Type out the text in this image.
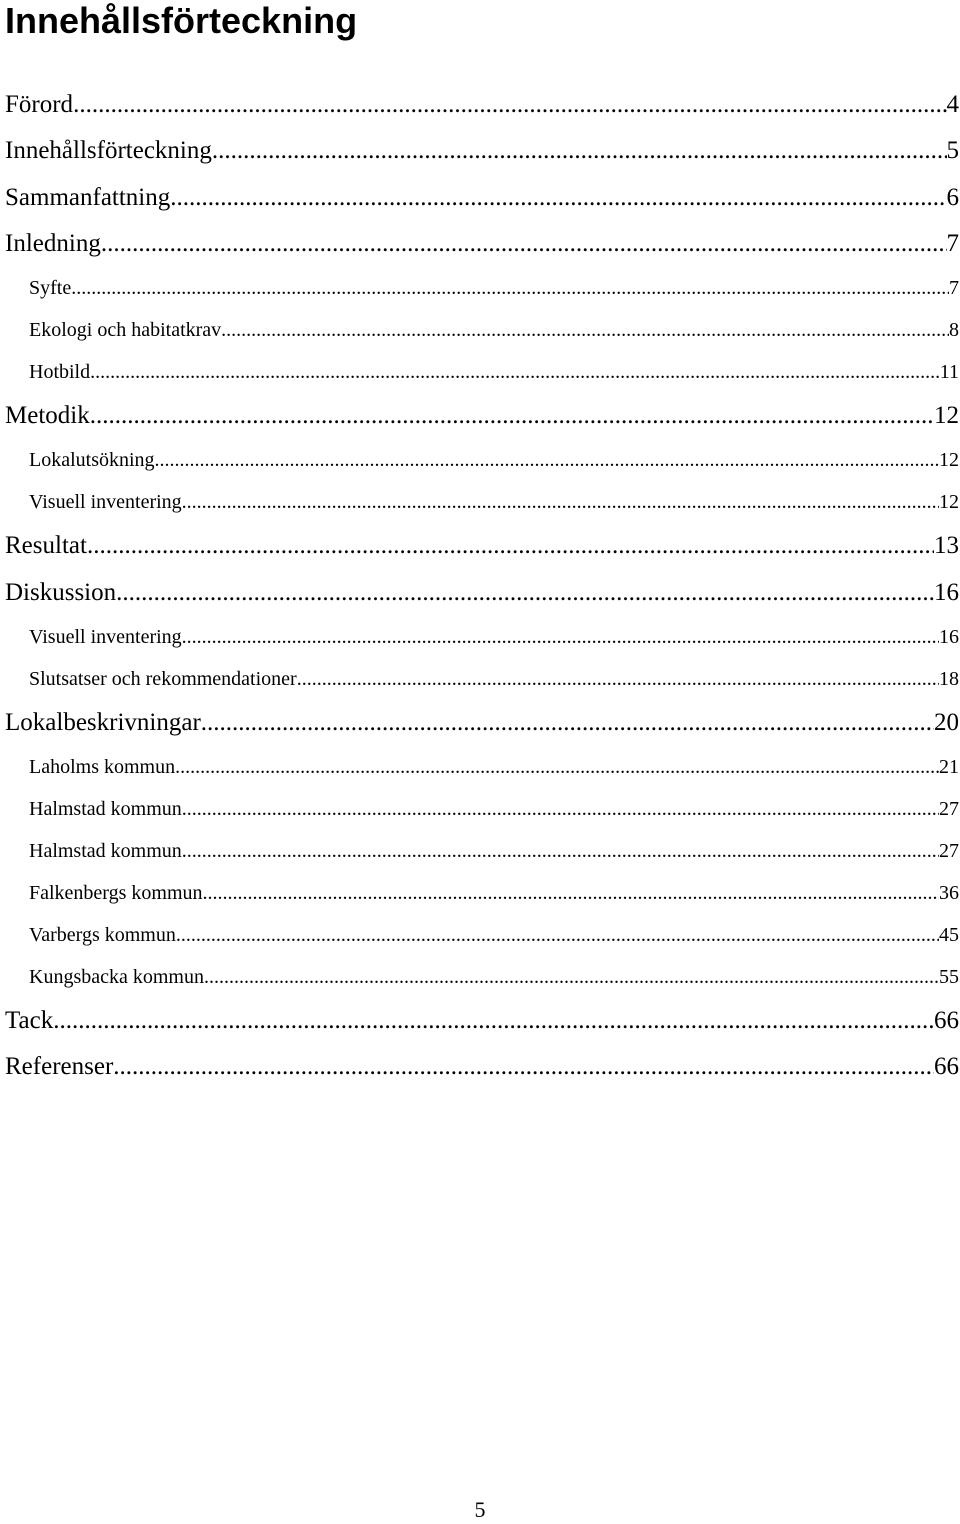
Innehållsförteckning
Förord .....	4
Innehållsförteckning .....	5
Sammanfattning .....	6
Inledning .....	7
Syfte .....	7
Ekologi och habitatkrav .....	8
Hotbild .....	11
Metodik .....	12
Lokalutsökning .....	12
Visuell inventering .....	12
Resultat .....	13
Diskussion .....	16
Visuell inventering .....	16
Slutsatser och rekommendationer .....	18
Lokalbeskrivningar .....	20
Laholms kommun .....	21
Halmstad kommun .....	27
Halmstad kommun .....	27
Falkenbergs kommun .....	36
Varbergs kommun .....	45
Kungsbacka kommun .....	55
Tack .....	66
Referenser .....	66
5
